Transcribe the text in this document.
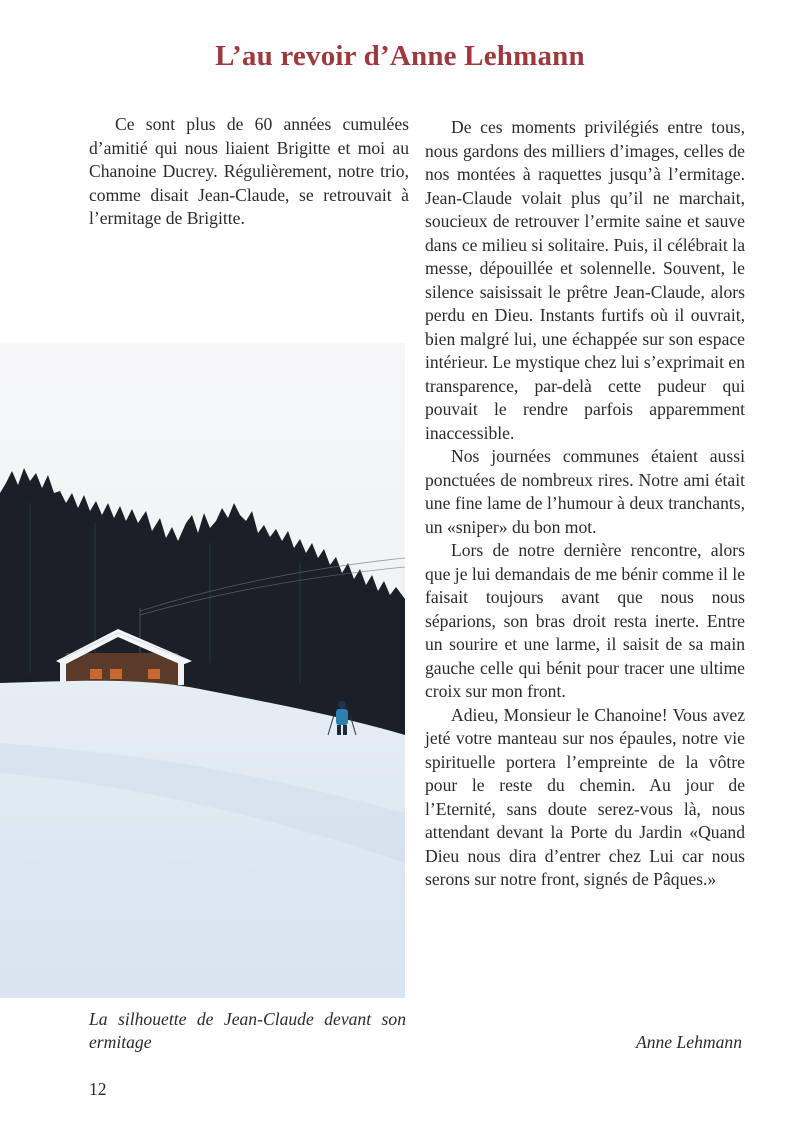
L’au revoir d’Anne Lehmann

Ce sont plus de 60 années cumulées d’amitié qui nous liaient Brigitte et moi au Chanoine Ducrey. Régulièrement, notre trio, comme disait Jean-Claude, se retrouvait à l’ermitage de Brigitte.

De ces moments privilégiés entre tous, nous gardons des milliers d’images, celles de nos montées à raquettes jusqu’à l’ermitage. Jean-Claude volait plus qu’il ne marchait, soucieux de retrouver l’ermite saine et sauve dans ce milieu si solitaire. Puis, il célébrait la messe, dépouillée et solennelle. Souvent, le silence saisissait le prêtre Jean-Claude, alors perdu en Dieu. Instants furtifs où il ouvrait, bien malgré lui, une échappée sur son espace intérieur. Le mystique chez lui s’exprimait en transparence, par-delà cette pudeur qui pouvait le rendre parfois apparemment inaccessible.

Nos journées communes étaient aussi ponctuées de nombreux rires. Notre ami était une fine lame de l’humour à deux tranchants, un «sniper» du bon mot.

Lors de notre dernière rencontre, alors que je lui demandais de me bénir comme il le faisait toujours avant que nous nous séparions, son bras droit resta inerte. Entre un sourire et une larme, il saisit de sa main gauche celle qui bénit pour tracer une ultime croix sur mon front.

Adieu, Monsieur le Chanoine! Vous avez jeté votre manteau sur nos épaules, notre vie spirituelle portera l’empreinte de la vôtre pour le reste du chemin. Au jour de l’Eternité, sans doute serez-vous là, nous attendant devant la Porte du Jardin «Quand Dieu nous dira d’entrer chez Lui car nous serons sur notre front, signés de Pâques.»

La silhouette de Jean-Claude devant son ermitage	Anne Lehmann
12
